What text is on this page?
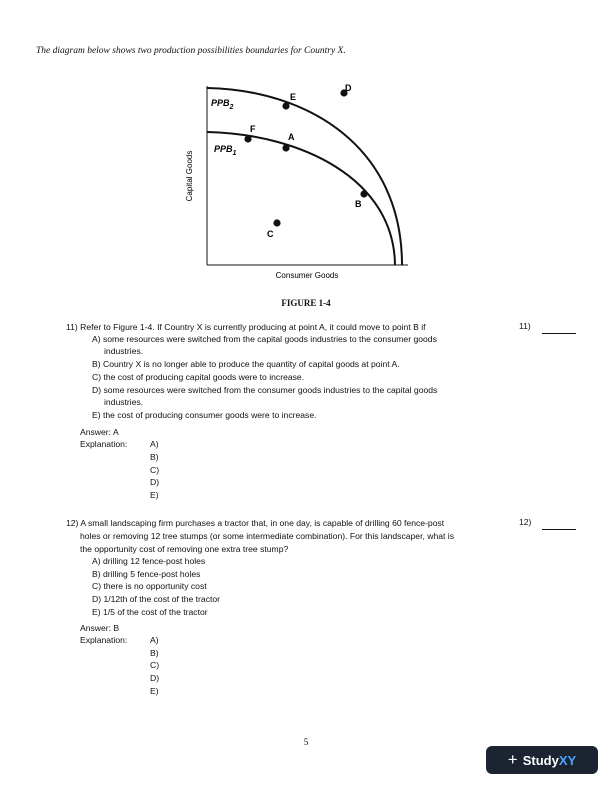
The diagram below shows two production possibilities boundaries for Country X.
Capital Goods
Consumer Goods
$PPB_2$
$PPB_1$
E
D
F
A
B
C
FIGURE 1-4
11) Refer to Figure 1-4. If Country X is currently producing at point A, it could move to point B if	11)
A) some resources were switched from the capital goods industries to the consumer goods
industries.
B) Country X is no longer able to produce the quantity of capital goods at point A.
C) the cost of producing capital goods were to increase.
D) some resources were switched from the consumer goods industries to the capital goods
industries.
E) the cost of producing consumer goods were to increase.
Answer: A
Explanation:	A)
B)
C)
D)
E)
12) A small landscaping firm purchases a tractor that, in one day, is capable of drilling 60 fence-post
holes or removing 12 tree stumps (or some intermediate combination). For this landscaper, what is
the opportunity cost of removing one extra tree stump?
12)
A) drilling 12 fence-post holes
B) drilling 5 fence-post holes
C) there is no opportunity cost
D) 1/12th of the cost of the tractor
E) 1/5 of the cost of the tractor
Answer: B
Explanation:	A)
B)
C)
D)
E)
5
+ StudyXY
